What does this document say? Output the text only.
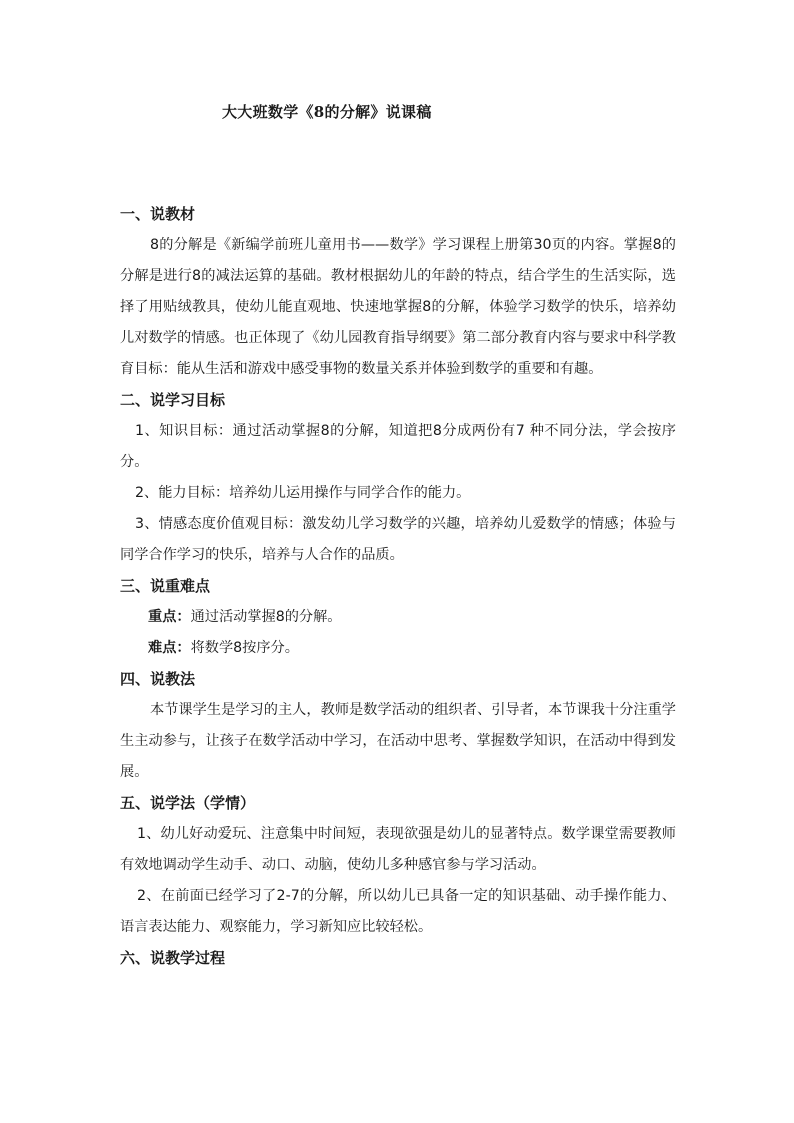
大大班数学《8的分解》说课稿
一、说教材
8的分解是《新编学前班儿童用书——数学》学习课程上册第30页的内容。掌握8的分解是进行8的减法运算的基础。教材根据幼儿的年龄的特点，结合学生的生活实际，选择了用贴绒教具，使幼儿能直观地、快速地掌握8的分解，体验学习数学的快乐，培养幼儿对数学的情感。也正体现了《幼儿园教育指导纲要》第二部分教育内容与要求中科学教育目标：能从生活和游戏中感受事物的数量关系并体验到数学的重要和有趣。
二、说学习目标
1、知识目标：通过活动掌握8的分解，知道把8分成两份有7 种不同分法，学会按序分。
2、能力目标：培养幼儿运用操作与同学合作的能力。
3、情感态度价值观目标：激发幼儿学习数学的兴趣，培养幼儿爱数学的情感；体验与同学合作学习的快乐，培养与人合作的品质。
三、说重难点
重点：通过活动掌握8的分解。
难点：将数学8按序分。
四、说教法
本节课学生是学习的主人，教师是数学活动的组织者、引导者，本节课我十分注重学生主动参与，让孩子在数学活动中学习，在活动中思考、掌握数学知识，在活动中得到发展。
五、说学法（学情）
1、幼儿好动爱玩、注意集中时间短，表现欲强是幼儿的显著特点。数学课堂需要教师有效地调动学生动手、动口、动脑，使幼儿多种感官参与学习活动。
2、在前面已经学习了2-7的分解，所以幼儿已具备一定的知识基础、动手操作能力、语言表达能力、观察能力，学习新知应比较轻松。
六、说教学过程
